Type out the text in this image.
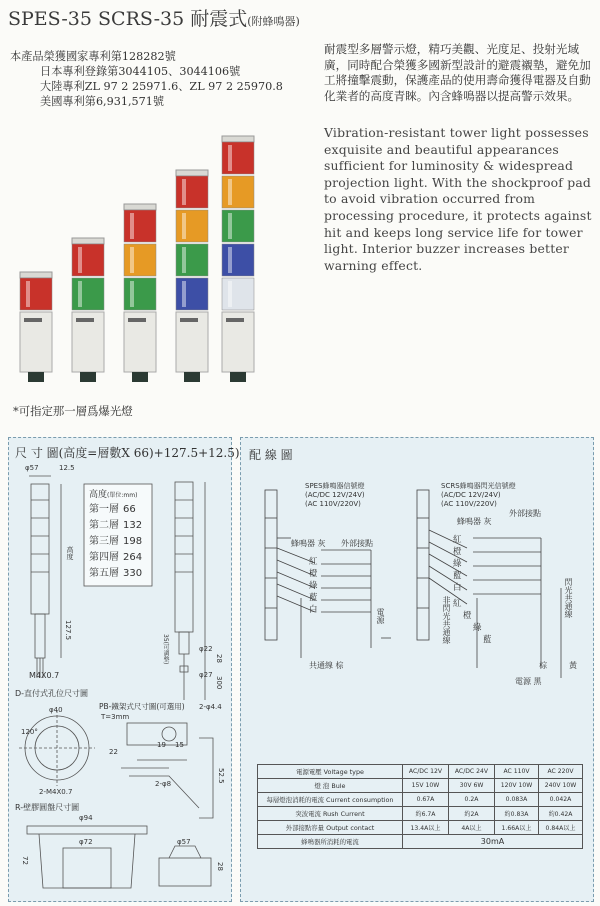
SPES-35 SCRS-35 耐震式(附蜂鳴器)
本產品榮獲國家專利第128282號
日本專利登錄第3044105、3044106號
大陸專利ZL 97 2 25971.6、ZL 97 2 25970.8
美國專利第6,931,571號
耐震型多層警示燈，精巧美觀、光度足、投射光域廣，同時配合榮獲多國新型設計的避震襯墊，避免加工將撞擊震動，保護產品的使用壽命獲得電器及自動化業者的高度青睞。內含蜂鳴器以提高警示效果。
Vibration-resistant tower light possesses exquisite and beautiful appearances sufficient for luminosity & widespread projection light. With the shockproof pad to avoid vibration occurred from processing procedure, it protects against hit and keeps long service life for tower light. Interior buzzer increases better warning effect.
*可指定那一層爲爆光燈
尺 寸 圖(高度=層數X 66)+127.5+12.5)
高度(單位:mm)
第一層 66
第二層 132
第三層 198
第四層 264
第五層 330
φ57	12.5
高度
127.5
M4X0.7
D-直付式孔位尺寸圖
φ40
120°
2-M4X0.7
PB-鐵架式尺寸圖(可選用)
T=3mm
2-φ4.4
φ22
φ27
28
300
35(可調整)
19 15
2-φ8
52.5
22
R-壁膠圓盤尺寸圖
φ94
φ72
72
28
φ57
配 線 圖
SPES蜂鳴器信號燈
(AC/DC 12V/24V)
(AC 110V/220V)
SCRS蜂鳴器閃光信號燈
(AC/DC 12V/24V)
(AC 110V/220V)
蜂鳴器 灰 外部接點
紅
橙
綠
藍
白	電源
共通線 棕
蜂鳴器 灰
外部接點
紅
橙
綠
藍
白
紅
橙
綠
藍
閃光共通線
非閃光共通線
棕	黃
電源 黑
電源電壓 Voltage type	AC/DC 12V	AC/DC 24V	AC 110V	AC 220V
燈 泡 Bule	15V 10W	30V 6W	120V 10W	240V 10W
每層燈泡消耗的電流 Current consumption	0.67A	0.2A	0.083A	0.042A
突波電流 Rush Current	約6.7A	約2A	約0.83A	約0.42A
外部接點容量 Output contact	13.4A以上	4A以上	1.66A以上	0.84A以上
蜂鳴器所消耗的電流	30mA			
